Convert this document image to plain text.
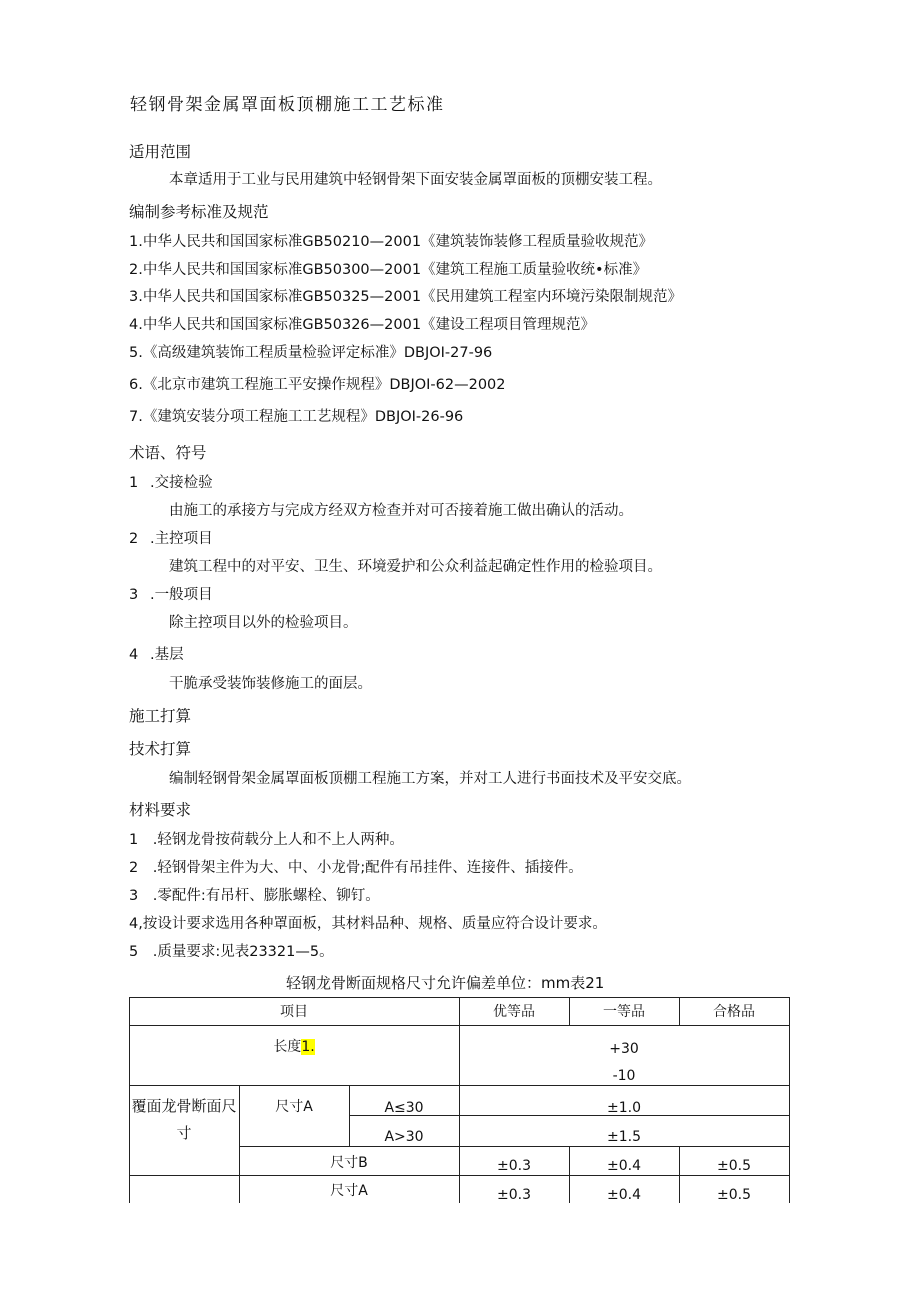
轻钢骨架金属罩面板顶棚施工工艺标准
适用范围
本章适用于工业与民用建筑中轻钢骨架下面安装金属罩面板的顶棚安装工程。
编制参考标准及规范
1.中华人民共和国国家标准GB50210—2001《建筑装饰装修工程质量验收规范》
2.中华人民共和国国家标准GB50300—2001《建筑工程施工质量验收统•标准》
3.中华人民共和国国家标准GB50325—2001《民用建筑工程室内环境污染限制规范》
4.中华人民共和国国家标准GB50326—2001《建设工程项目管理规范》
5.《高级建筑装饰工程质量检验评定标准》DBJOI-27-96
6.《北京市建筑工程施工平安操作规程》DBJOI-62—2002
7.《建筑安装分项工程施工工艺规程》DBJOI-26-96
术语、符号
1 .交接检验
由施工的承接方与完成方经双方检查并对可否接着施工做出确认的活动。
2 .主控项目
建筑工程中的对平安、卫生、环境爱护和公众利益起确定性作用的检验项目。
3 .一般项目
除主控项目以外的检验项目。
4 .基层
干脆承受装饰装修施工的面层。
施工打算
技术打算
编制轻钢骨架金属罩面板顶棚工程施工方案，并对工人进行书面技术及平安交底。
材料要求
1　.轻钢龙骨按荷载分上人和不上人两种。
2　.轻钢骨架主件为大、中、小龙骨;配件有吊挂件、连接件、插接件。
3　.零配件:有吊杆、膨胀螺栓、铆钉。
4,按设计要求选用各种罩面板，其材料品种、规格、质量应符合设计要求。
5　.质量要求:见表23321—5。
轻钢龙骨断面规格尺寸允许偏差单位：mm表21
项目	优等品	一等品	合格品
长度1.	+30
-10
覆面龙骨断面尺
寸
尺寸A	A≤30	±1.0
A>30	±1.5
尺寸B	±0.3	±0.4	±0.5
尺寸A	±0.3	±0.4	±0.5
